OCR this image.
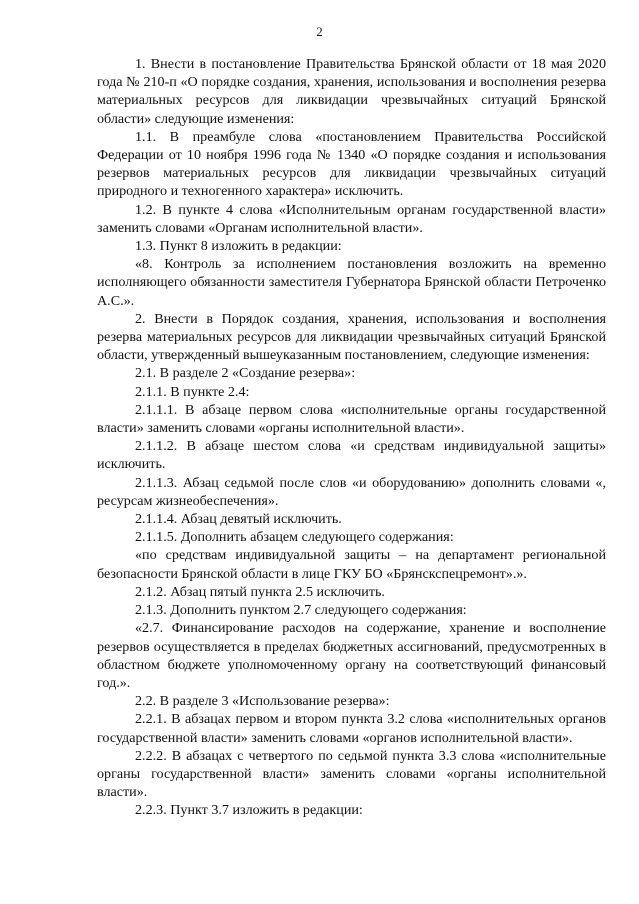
2

1. Внести в постановление Правительства Брянской области от 18 мая 2020 года № 210-п «О порядке создания, хранения, использования и восполнения резерва материальных ресурсов для ликвидации чрезвычайных ситуаций Брянской области» следующие изменения:

1.1. В преамбуле слова «постановлением Правительства Российской Федерации от 10 ноября 1996 года № 1340 «О порядке создания и использования резервов материальных ресурсов для ликвидации чрезвычайных ситуаций природного и техногенного характера» исключить.

1.2. В пункте 4 слова «Исполнительным органам государственной власти» заменить словами «Органам исполнительной власти».

1.3. Пункт 8 изложить в редакции:

«8. Контроль за исполнением постановления возложить на временно исполняющего обязанности заместителя Губернатора Брянской области Петроченко А.С.».

2. Внести в Порядок создания, хранения, использования и восполнения резерва материальных ресурсов для ликвидации чрезвычайных ситуаций Брянской области, утвержденный вышеуказанным постановлением, следующие изменения:

2.1. В разделе 2 «Создание резерва»:

2.1.1. В пункте 2.4:

2.1.1.1. В абзаце первом слова «исполнительные органы государственной власти» заменить словами «органы исполнительной власти».

2.1.1.2. В абзаце шестом слова «и средствам индивидуальной защиты» исключить.

2.1.1.3. Абзац седьмой после слов «и оборудованию» дополнить словами «, ресурсам жизнеобеспечения».

2.1.1.4. Абзац девятый исключить.

2.1.1.5. Дополнить абзацем следующего содержания:

«по средствам индивидуальной защиты – на департамент региональной безопасности Брянской области в лице ГКУ БО «Брянскспецремонт».».

2.1.2. Абзац пятый пункта 2.5 исключить.

2.1.3. Дополнить пунктом 2.7 следующего содержания:

«2.7. Финансирование расходов на содержание, хранение и восполнение резервов осуществляется в пределах бюджетных ассигнований, предусмотренных в областном бюджете уполномоченному органу на соответствующий финансовый год.».

2.2. В разделе 3 «Использование резерва»:

2.2.1. В абзацах первом и втором пункта 3.2 слова «исполнительных органов государственной власти» заменить словами «органов исполнительной власти».

2.2.2. В абзацах с четвертого по седьмой пункта 3.3 слова «исполнительные органы государственной власти» заменить словами «органы исполнительной власти».

2.2.3. Пункт 3.7 изложить в редакции:
